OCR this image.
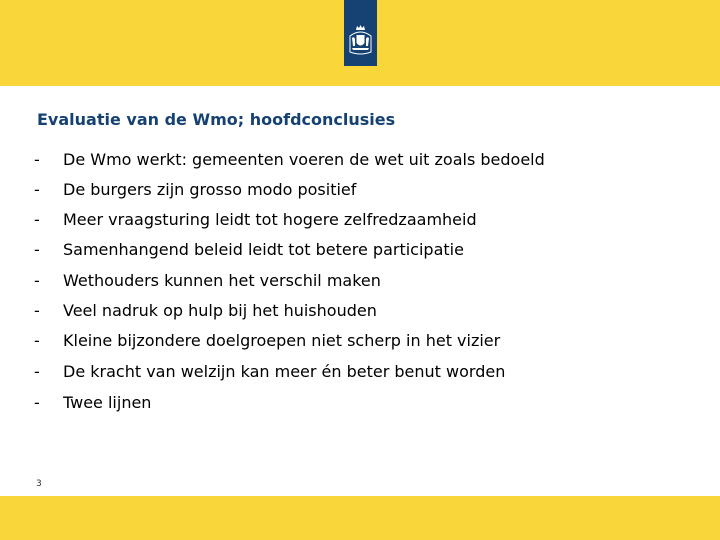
Evaluatie van de Wmo; hoofdconclusies
- De Wmo werkt: gemeenten voeren de wet uit zoals bedoeld
- De burgers zijn grosso modo positief
- Meer vraagsturing leidt tot hogere zelfredzaamheid
- Samenhangend beleid leidt tot betere participatie
- Wethouders kunnen het verschil maken
- Veel nadruk op hulp bij het huishouden
- Kleine bijzondere doelgroepen niet scherp in het vizier
- De kracht van welzijn kan meer én beter benut worden
- Twee lijnen
3
